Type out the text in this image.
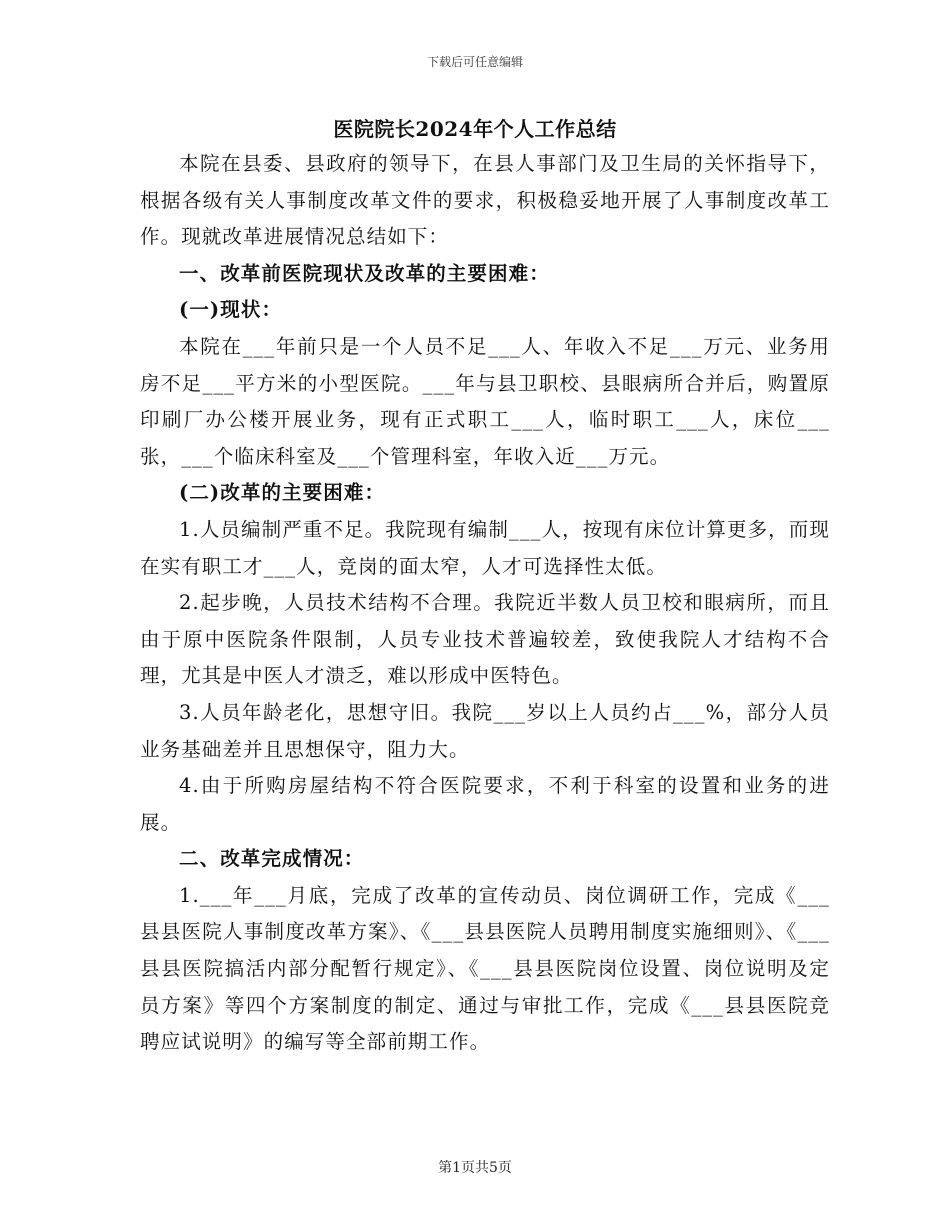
下载后可任意编辑
医院院长2024年个人工作总结

本院在县委、县政府的领导下，在县人事部门及卫生局的关怀指导下，根据各级有关人事制度改革文件的要求，积极稳妥地开展了人事制度改革工作。现就改革进展情况总结如下：

一、改革前医院现状及改革的主要困难：

(一)现状：

本院在___年前只是一个人员不足___人、年收入不足___万元、业务用房不足___平方米的小型医院。___年与县卫职校、县眼病所合并后，购置原印刷厂办公楼开展业务，现有正式职工___人，临时职工___人，床位___张，___个临床科室及___个管理科室，年收入近___万元。

(二)改革的主要困难：

1.人员编制严重不足。我院现有编制___人，按现有床位计算更多，而现在实有职工才___人，竞岗的面太窄，人才可选择性太低。

2.起步晚，人员技术结构不合理。我院近半数人员卫校和眼病所，而且由于原中医院条件限制，人员专业技术普遍较差，致使我院人才结构不合理，尤其是中医人才溃乏，难以形成中医特色。

3.人员年龄老化，思想守旧。我院___岁以上人员约占___%，部分人员业务基础差并且思想保守，阻力大。

4.由于所购房屋结构不符合医院要求，不利于科室的设置和业务的进展。

二、改革完成情况：

1.___年___月底，完成了改革的宣传动员、岗位调研工作，完成《___县县医院人事制度改革方案》、《___县县医院人员聘用制度实施细则》、《___县县医院搞活内部分配暂行规定》、《___县县医院岗位设置、岗位说明及定员方案》等四个方案制度的制定、通过与审批工作，完成《___县县医院竞聘应试说明》的编写等全部前期工作。

第1页共5页
